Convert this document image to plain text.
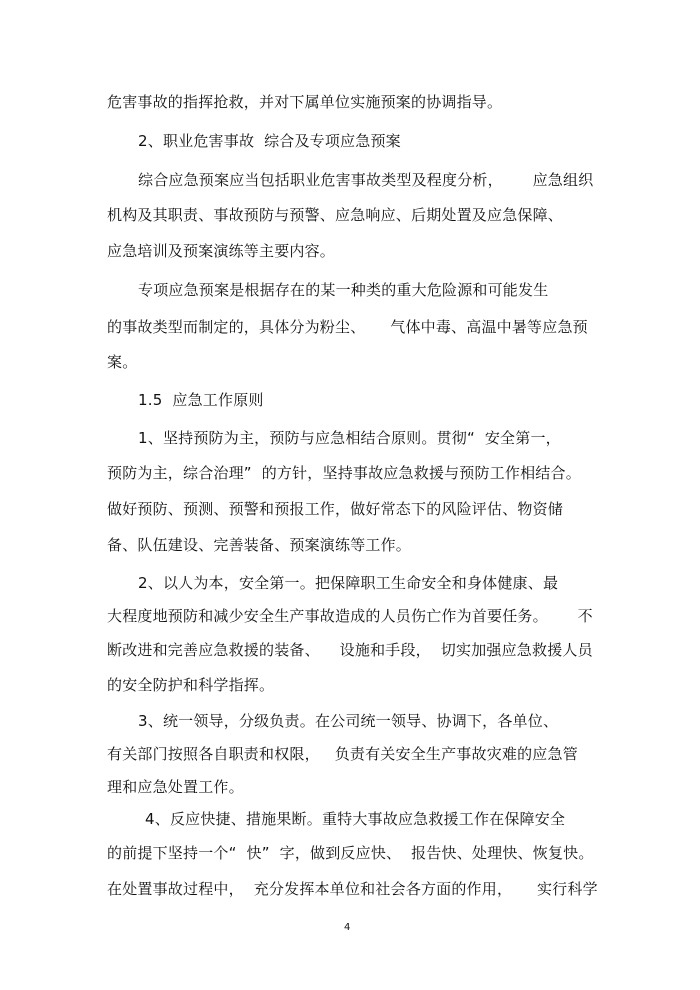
危害事故的指挥抢救，并对下属单位实施预案的协调指导。
2、职业危害事故  综合及专项应急预案
综合应急预案应当包括职业危害事故类型及程度分析，      应急组织
机构及其职责、事故预防与预警、应急响应、后期处置及应急保障、
应急培训及预案演练等主要内容。
专项应急预案是根据存在的某一种类的重大危险源和可能发生
的事故类型而制定的，具体分为粉尘、     气体中毒、高温中暑等应急预
案。
1.5  应急工作原则
1、坚持预防为主，预防与应急相结合原则。贯彻“  安全第一，
预防为主，综合治理”  的方针，坚持事故应急救援与预防工作相结合。
做好预防、预测、预警和预报工作，做好常态下的风险评估、物资储
备、队伍建设、完善装备、预案演练等工作。
2、以人为本，安全第一。把保障职工生命安全和身体健康、最
大程度地预防和减少安全生产事故造成的人员伤亡作为首要任务。      不
断改进和完善应急救援的装备、    设施和手段，  切实加强应急救援人员
的安全防护和科学指挥。
3、统一领导，分级负责。在公司统一领导、协调下，各单位、
有关部门按照各自职责和权限，   负责有关安全生产事故灾难的应急管
理和应急处置工作。
4、反应快捷、措施果断。重特大事故应急救援工作在保障安全
的前提下坚持一个“  快”  字，做到反应快、  报告快、处理快、恢复快。
在处置事故过程中，  充分发挥本单位和社会各方面的作用，     实行科学
4
